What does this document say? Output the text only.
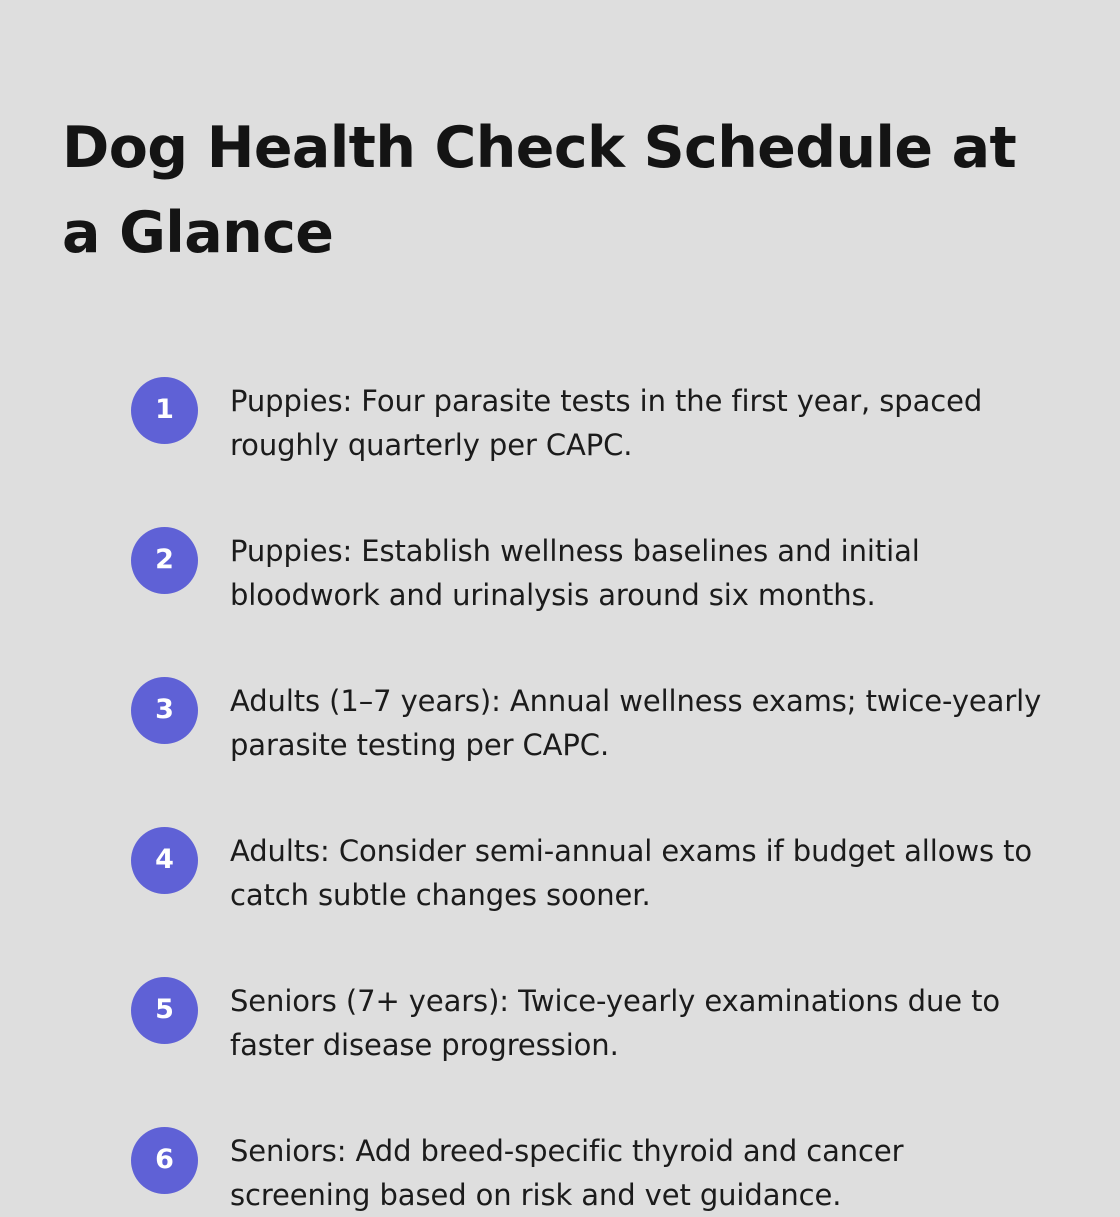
Dog Health Check Schedule at a Glance
1 Puppies: Four parasite tests in the first year, spaced roughly quarterly per CAPC.
2 Puppies: Establish wellness baselines and initial bloodwork and urinalysis around six months.
3 Adults (1–7 years): Annual wellness exams; twice-yearly parasite testing per CAPC.
4 Adults: Consider semi-annual exams if budget allows to catch subtle changes sooner.
5 Seniors (7+ years): Twice-yearly examinations due to faster disease progression.
6 Seniors: Add breed-specific thyroid and cancer screening based on risk and vet guidance.
